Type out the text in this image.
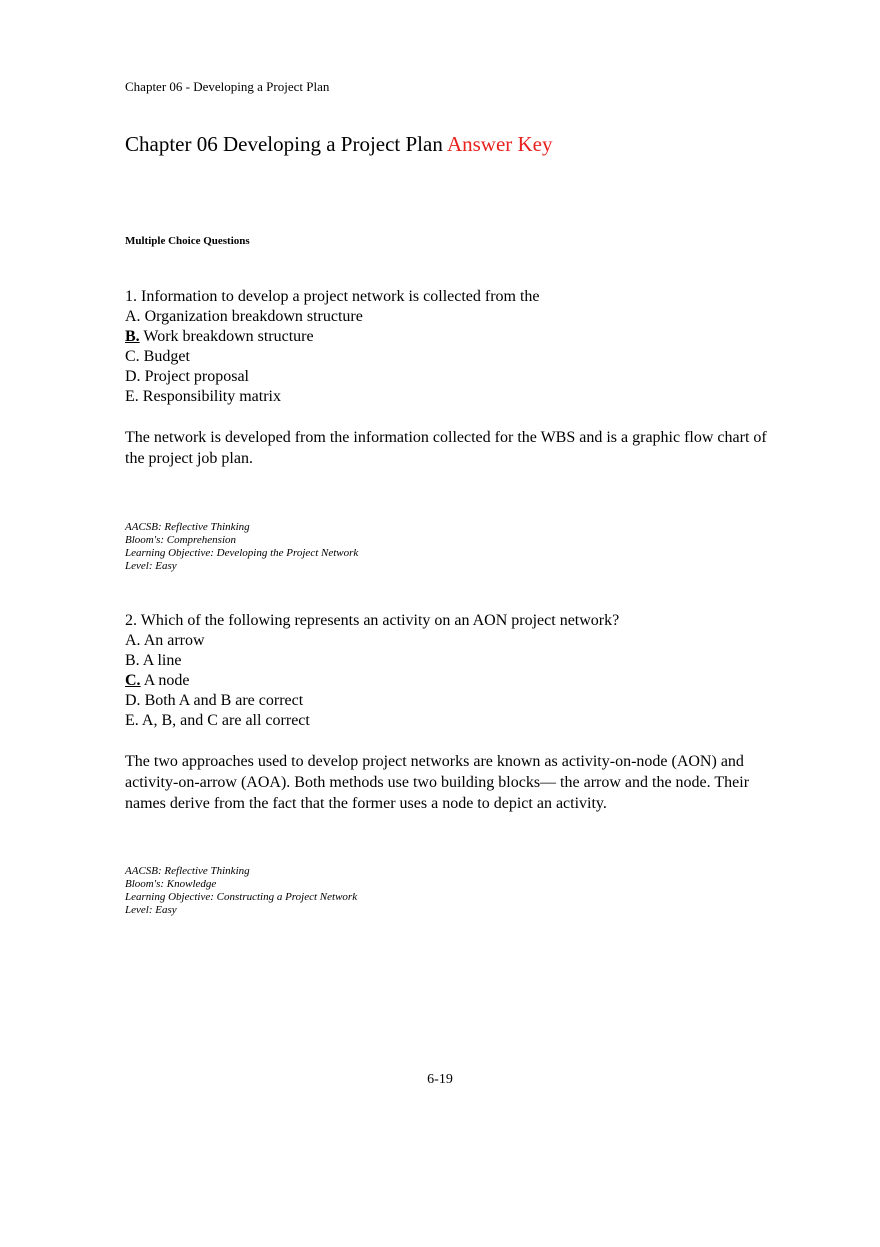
Chapter 06 - Developing a Project Plan
Chapter 06 Developing a Project Plan Answer Key
Multiple Choice Questions
1. Information to develop a project network is collected from the
A. Organization breakdown structure
B. Work breakdown structure
C. Budget
D. Project proposal
E. Responsibility matrix
The network is developed from the information collected for the WBS and is a graphic flow chart of the project job plan.
AACSB: Reflective Thinking
Bloom's: Comprehension
Learning Objective: Developing the Project Network
Level: Easy
2. Which of the following represents an activity on an AON project network?
A. An arrow
B. A line
C. A node
D. Both A and B are correct
E. A, B, and C are all correct
The two approaches used to develop project networks are known as activity-on-node (AON) and activity-on-arrow (AOA). Both methods use two building blocks— the arrow and the node. Their names derive from the fact that the former uses a node to depict an activity.
AACSB: Reflective Thinking
Bloom's: Knowledge
Learning Objective: Constructing a Project Network
Level: Easy
6-19
